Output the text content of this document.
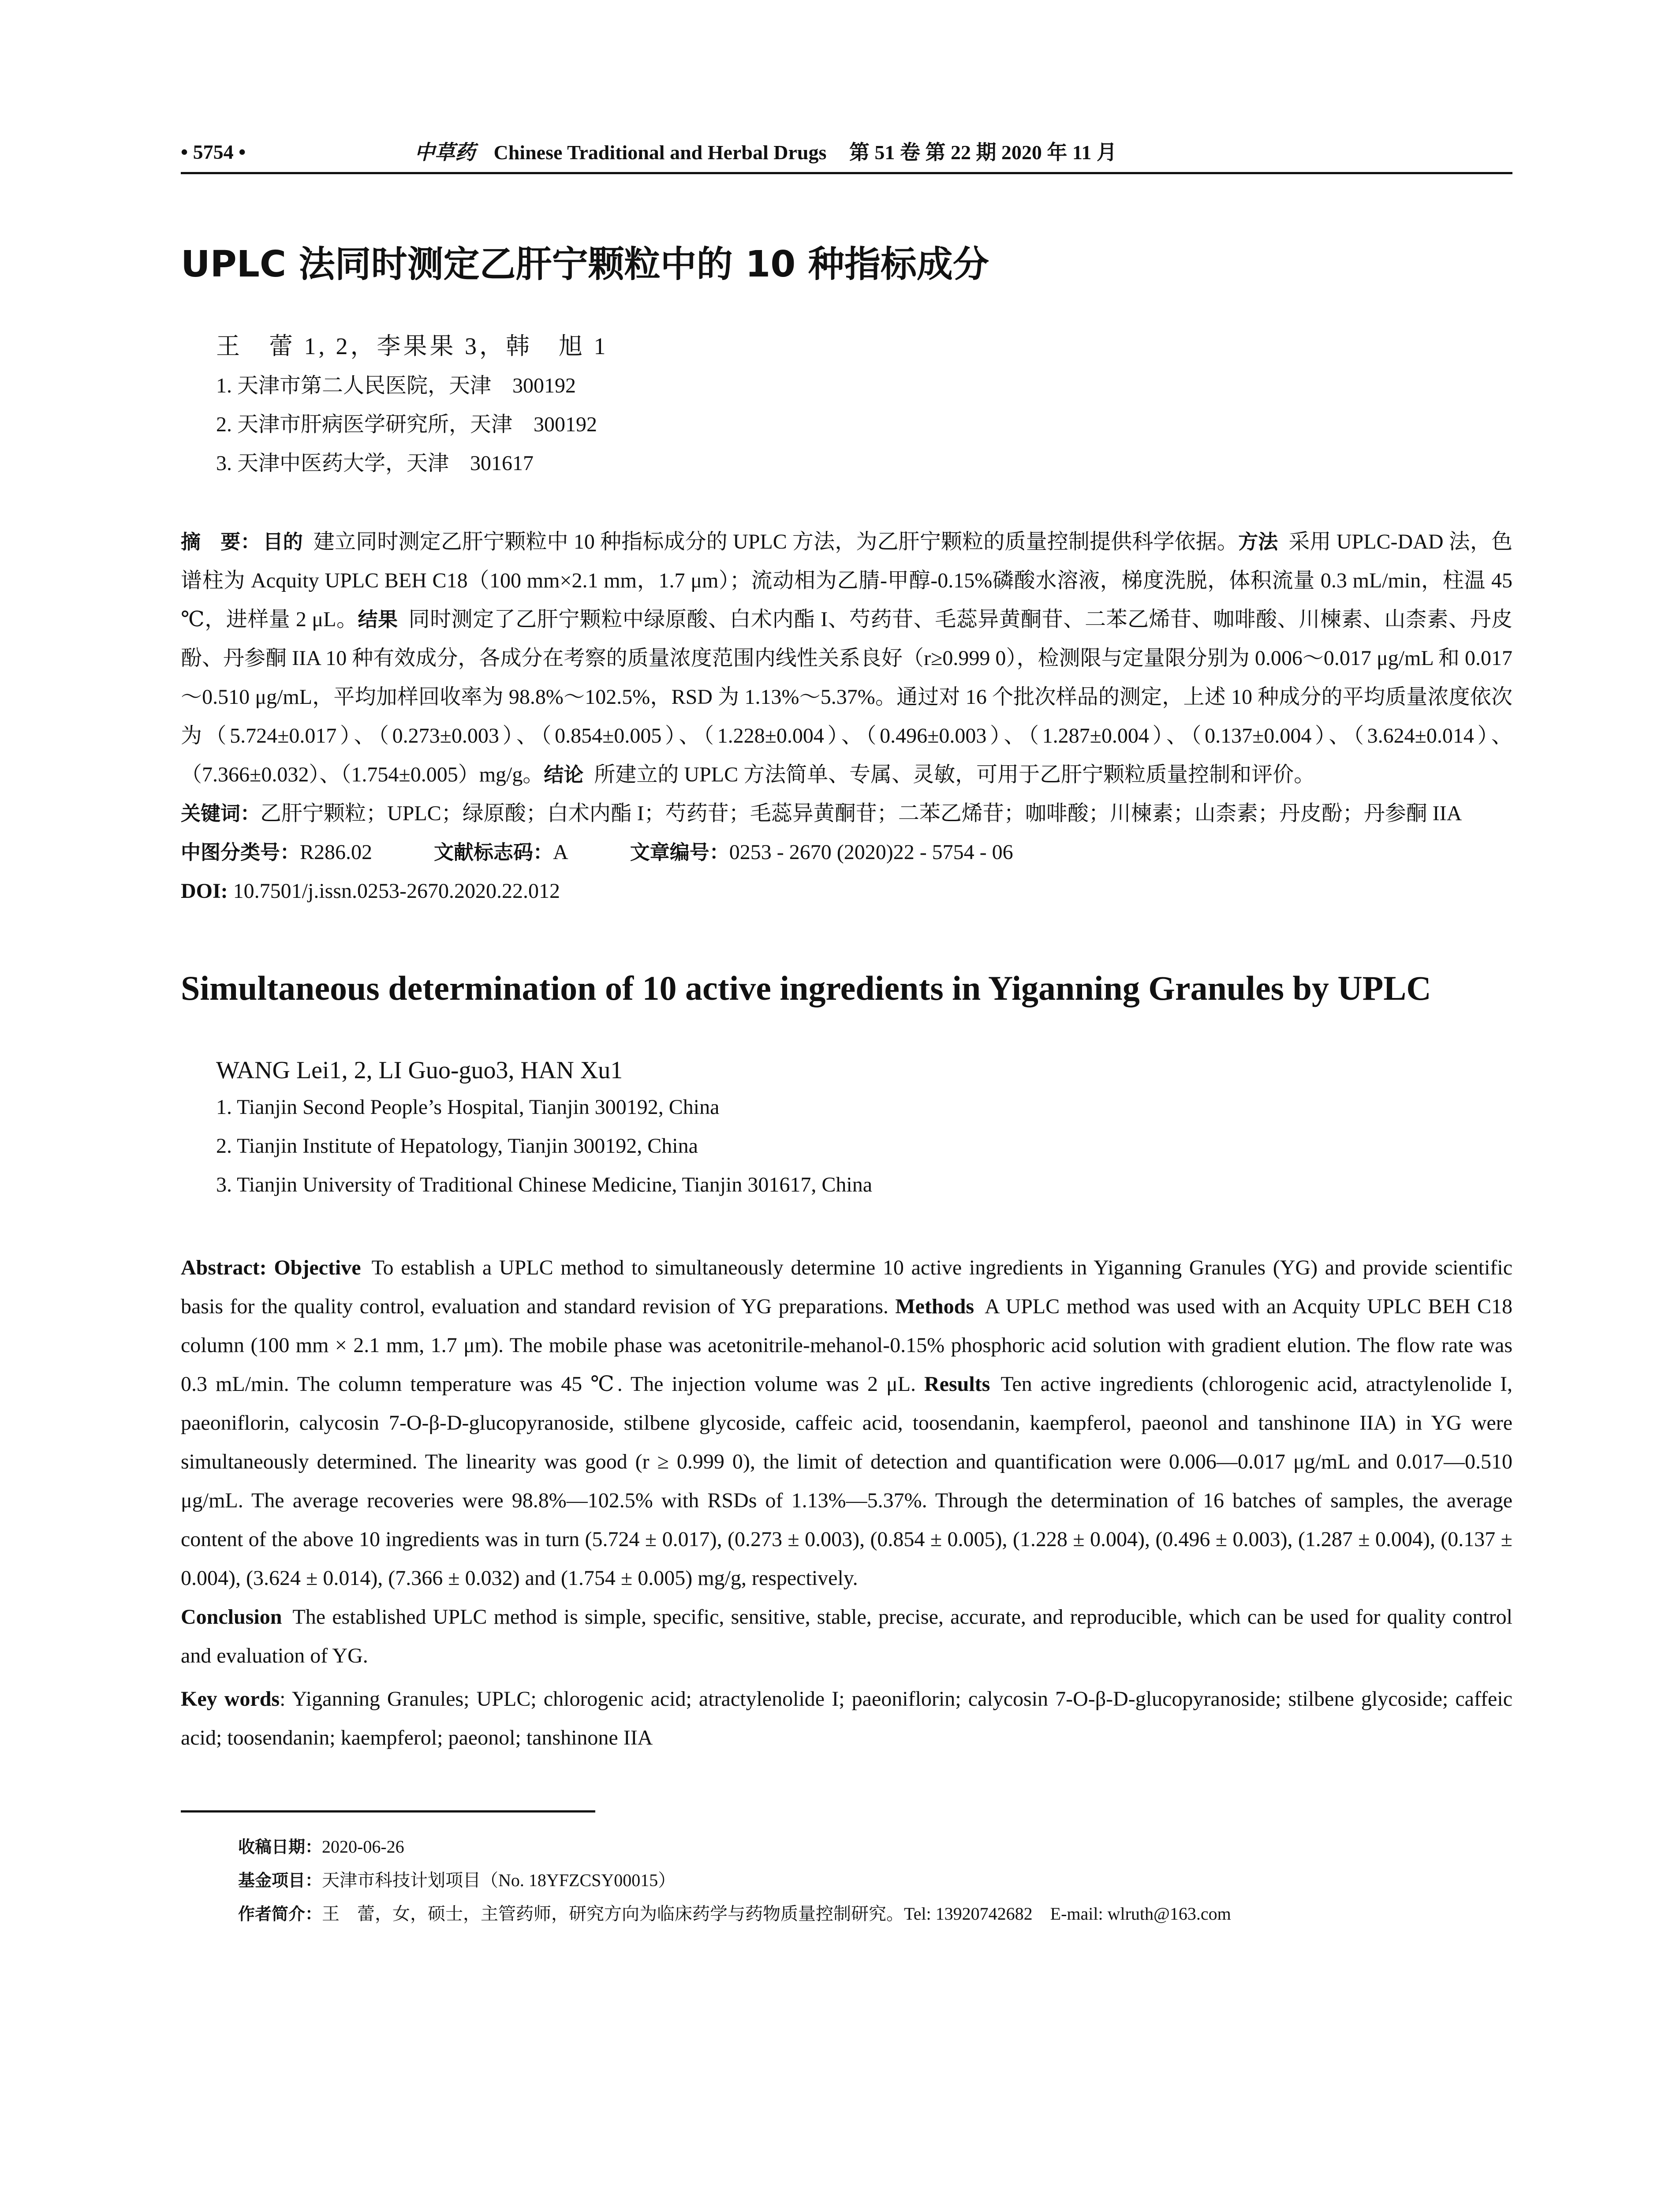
• 5754 •	中草药 Chinese Traditional and Herbal Drugs 第 51 卷 第 22 期 2020 年 11 月
UPLC 法同时测定乙肝宁颗粒中的 10 种指标成分
王　蕾 1, 2，李果果 3，韩　旭 1

1. 天津市第二人民医院，天津　300192

2. 天津市肝病医学研究所，天津　300192

3. 天津中医药大学，天津　301617

摘　要： 目的 建立同时测定乙肝宁颗粒中 10 种指标成分的 UPLC 方法，为乙肝宁颗粒的质量控制提供科学依据。方法 采用 UPLC-DAD 法，色谱柱为 Acquity UPLC BEH C18（100 mm×2.1 mm，1.7 μm）；流动相为乙腈-甲醇-0.15%磷酸水溶液，梯度洗脱，体积流量 0.3 mL/min，柱温 45 ℃，进样量 2 μL。结果 同时测定了乙肝宁颗粒中绿原酸、白术内酯 I、芍药苷、毛蕊异黄酮苷、二苯乙烯苷、咖啡酸、川楝素、山柰素、丹皮酚、丹参酮 IIA 10 种有效成分，各成分在考察的质量浓度范围内线性关系良好（r≥0.999 0），检测限与定量限分别为 0.006～0.017 μg/mL 和 0.017～0.510 μg/mL，平均加样回收率为 98.8%～102.5%，RSD 为 1.13%～5.37%。通过对 16 个批次样品的测定，上述 10 种成分的平均质量浓度依次为（5.724±0.017）、（0.273±0.003）、（0.854±0.005）、（1.228±0.004）、（0.496±0.003）、（1.287±0.004）、（0.137±0.004）、（3.624±0.014）、（7.366±0.032）、（1.754±0.005）mg/g。结论 所建立的 UPLC 方法简单、专属、灵敏，可用于乙肝宁颗粒质量控制和评价。
关键词：乙肝宁颗粒；UPLC；绿原酸；白术内酯 I；芍药苷；毛蕊异黄酮苷；二苯乙烯苷；咖啡酸；川楝素；山柰素；丹皮酚；丹参酮 IIA
中图分类号：R286.02	文献标志码：A	文章编号：0253 - 2670 (2020)22 - 5754 - 06
DOI: 10.7501/j.issn.0253-2670.2020.22.012
Simultaneous determination of 10 active ingredients in Yiganning Granules by UPLC
WANG Lei1, 2, LI Guo-guo3, HAN Xu1

1. Tianjin Second People’s Hospital, Tianjin 300192, China

2. Tianjin Institute of Hepatology, Tianjin 300192, China

3. Tianjin University of Traditional Chinese Medicine, Tianjin 301617, China

Abstract: Objective To establish a UPLC method to simultaneously determine 10 active ingredients in Yiganning Granules (YG) and provide scientific basis for the quality control, evaluation and standard revision of YG preparations. Methods A UPLC method was used with an Acquity UPLC BEH C18 column (100 mm × 2.1 mm, 1.7 μm). The mobile phase was acetonitrile-mehanol-0.15% phosphoric acid solution with gradient elution. The flow rate was 0.3 mL/min. The column temperature was 45 ℃. The injection volume was 2 μL. Results Ten active ingredients (chlorogenic acid, atractylenolide I, paeoniflorin, calycosin 7-O-β-D-glucopyranoside, stilbene glycoside, caffeic acid, toosendanin, kaempferol, paeonol and tanshinone IIA) in YG were simultaneously determined. The linearity was good (r ≥ 0.999 0), the limit of detection and quantification were 0.006—0.017 μg/mL and 0.017—0.510 μg/mL. The average recoveries were 98.8%—102.5% with RSDs of 1.13%—5.37%. Through the determination of 16 batches of samples, the average content of the above 10 ingredients was in turn (5.724 ± 0.017), (0.273 ± 0.003), (0.854 ± 0.005), (1.228 ± 0.004), (0.496 ± 0.003), (1.287 ± 0.004), (0.137 ± 0.004), (3.624 ± 0.014), (7.366 ± 0.032) and (1.754 ± 0.005) mg/g, respectively.
Conclusion The established UPLC method is simple, specific, sensitive, stable, precise, accurate, and reproducible, which can be used for quality control and evaluation of YG.
Key words: Yiganning Granules; UPLC; chlorogenic acid; atractylenolide I; paeoniflorin; calycosin 7-O-β-D-glucopyranoside; stilbene glycoside; caffeic acid; toosendanin; kaempferol; paeonol; tanshinone IIA

收稿日期：2020-06-26

基金项目：天津市科技计划项目（No. 18YFZCSY00015）

作者简介：王　蕾，女，硕士，主管药师，研究方向为临床药学与药物质量控制研究。Tel: 13920742682　E-mail: wlruth@163.com
